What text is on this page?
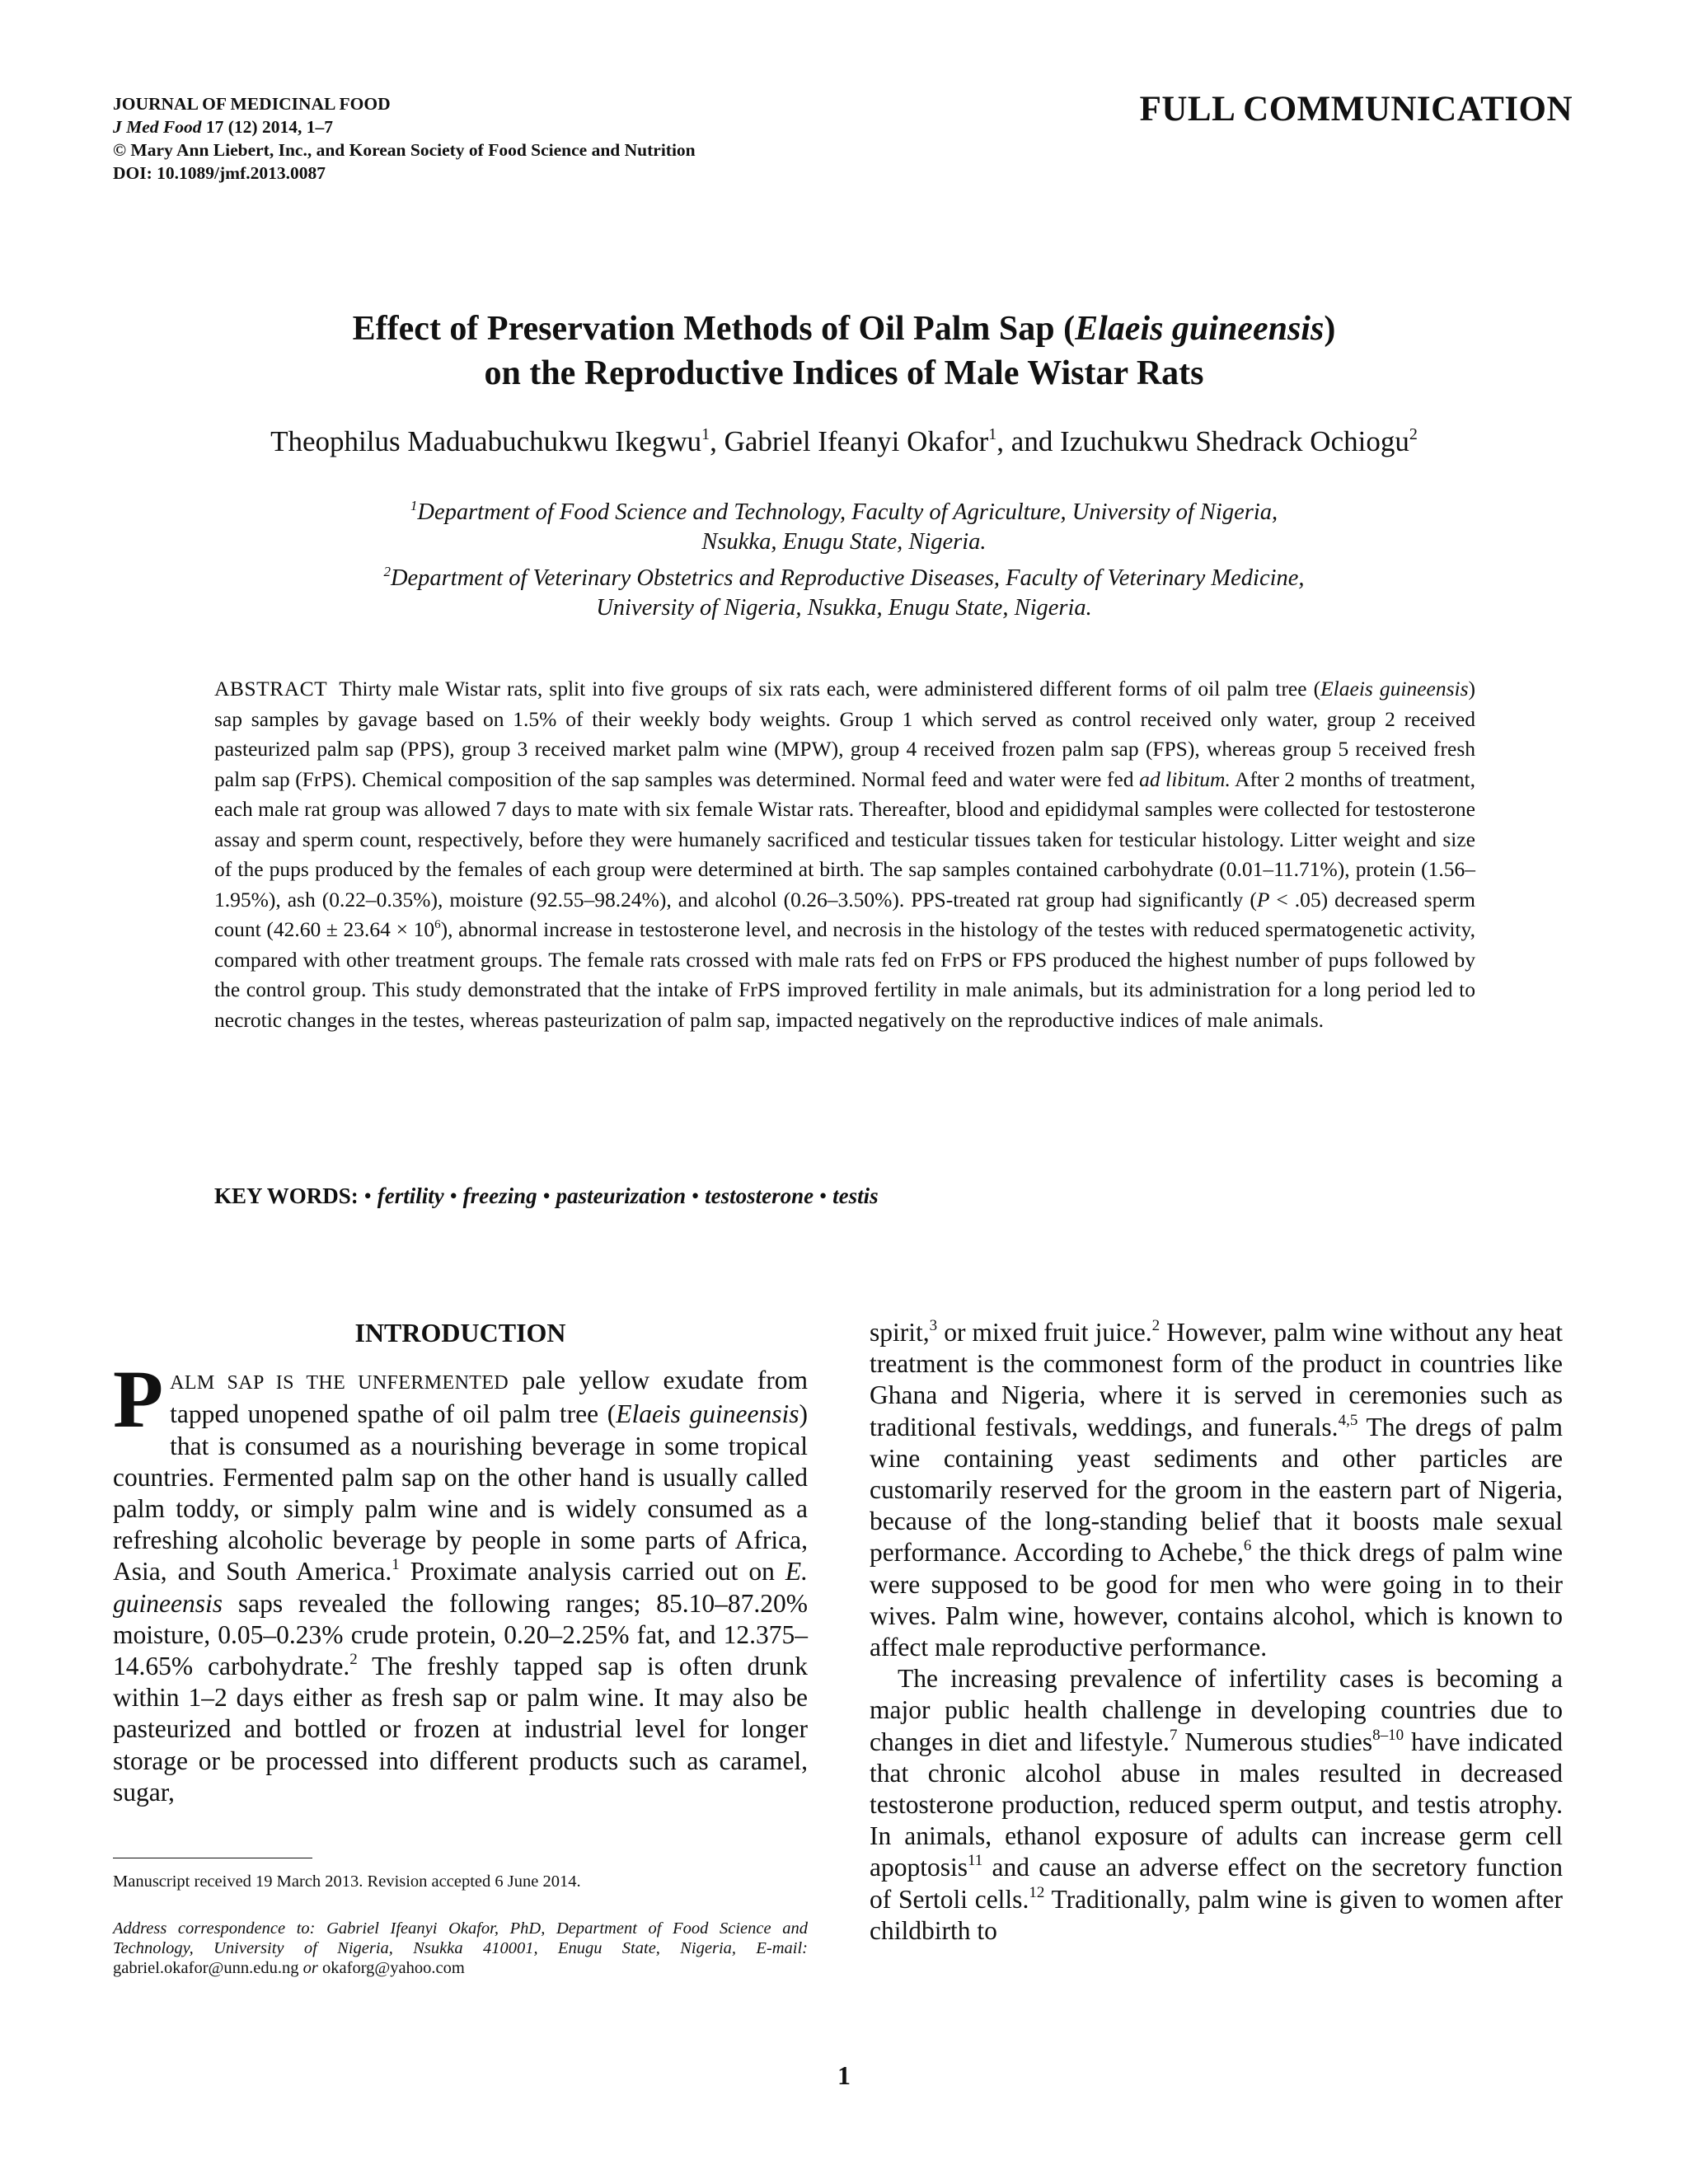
JOURNAL OF MEDICINAL FOOD
J Med Food 17 (12) 2014, 1–7
© Mary Ann Liebert, Inc., and Korean Society of Food Science and Nutrition
DOI: 10.1089/jmf.2013.0087
FULL COMMUNICATION
Effect of Preservation Methods of Oil Palm Sap (Elaeis guineensis)
on the Reproductive Indices of Male Wistar Rats
Theophilus Maduabuchukwu Ikegwu$^1$, Gabriel Ifeanyi Okafor$^1$, and Izuchukwu Shedrack Ochiogu$^2$
$^1$Department of Food Science and Technology, Faculty of Agriculture, University of Nigeria,
Nsukka, Enugu State, Nigeria.
$^2$Department of Veterinary Obstetrics and Reproductive Diseases, Faculty of Veterinary Medicine,
University of Nigeria, Nsukka, Enugu State, Nigeria.
ABSTRACT Thirty male Wistar rats, split into five groups of six rats each, were administered different forms of oil palm tree (Elaeis guineensis) sap samples by gavage based on 1.5% of their weekly body weights. Group 1 which served as control received only water, group 2 received pasteurized palm sap (PPS), group 3 received market palm wine (MPW), group 4 received frozen palm sap (FPS), whereas group 5 received fresh palm sap (FrPS). Chemical composition of the sap samples was determined. Normal feed and water were fed ad libitum. After 2 months of treatment, each male rat group was allowed 7 days to mate with six female Wistar rats. Thereafter, blood and epididymal samples were collected for testosterone assay and sperm count, respectively, before they were humanely sacrificed and testicular tissues taken for testicular histology. Litter weight and size of the pups produced by the females of each group were determined at birth. The sap samples contained carbohydrate (0.01–11.71%), protein (1.56–1.95%), ash (0.22–0.35%), moisture (92.55–98.24%), and alcohol (0.26–3.50%). PPS-treated rat group had significantly (P < .05) decreased sperm count $(42.60 \pm 23.64 \times 10^6)$, abnormal increase in testosterone level, and necrosis in the histology of the testes with reduced spermatogenetic activity, compared with other treatment groups. The female rats crossed with male rats fed on FrPS or FPS produced the highest number of pups followed by the control group. This study demonstrated that the intake of FrPS improved fertility in male animals, but its administration for a long period led to necrotic changes in the testes, whereas pasteurization of palm sap, impacted negatively on the reproductive indices of male animals.
KEY WORDS: • fertility • freezing • pasteurization • testosterone • testis
INTRODUCTION
PALM SAP IS THE UNFERMENTED pale yellow exudate from tapped unopened spathe of oil palm tree (Elaeis guineensis) that is consumed as a nourishing beverage in some tropical countries. Fermented palm sap on the other hand is usually called palm toddy, or simply palm wine and is widely consumed as a refreshing alcoholic beverage by people in some parts of Africa, Asia, and South America.$^1$ Proximate analysis carried out on E. guineensis saps revealed the following ranges; 85.10–87.20% moisture, 0.05–0.23% crude protein, 0.20–2.25% fat, and 12.375–14.65% carbohydrate.$^2$ The freshly tapped sap is often drunk within 1–2 days either as fresh sap or palm wine. It may also be pasteurized and bottled or frozen at industrial level for longer storage or be processed into different products such as caramel, sugar,

spirit,$^3$ or mixed fruit juice.$^2$ However, palm wine without any heat treatment is the commonest form of the product in countries like Ghana and Nigeria, where it is served in ceremonies such as traditional festivals, weddings, and funerals.$^{4,5}$ The dregs of palm wine containing yeast sediments and other particles are customarily reserved for the groom in the eastern part of Nigeria, because of the long-standing belief that it boosts male sexual performance. According to Achebe,$^6$ the thick dregs of palm wine were supposed to be good for men who were going in to their wives. Palm wine, however, contains alcohol, which is known to affect male reproductive performance.

The increasing prevalence of infertility cases is becoming a major public health challenge in developing countries due to changes in diet and lifestyle.$^7$ Numerous studies$^{8-10}$ have indicated that chronic alcohol abuse in males resulted in decreased testosterone production, reduced sperm output, and testis atrophy. In animals, ethanol exposure of adults can increase germ cell apoptosis$^{11}$ and cause an adverse effect on the secretory function of Sertoli cells.$^{12}$ Traditionally, palm wine is given to women after childbirth to

Manuscript received 19 March 2013. Revision accepted 6 June 2014.
Address correspondence to: Gabriel Ifeanyi Okafor, PhD, Department of Food Science and Technology, University of Nigeria, Nsukka 410001, Enugu State, Nigeria, E-mail: gabriel.okafor@unn.edu.ng or okaforg@yahoo.com
1
